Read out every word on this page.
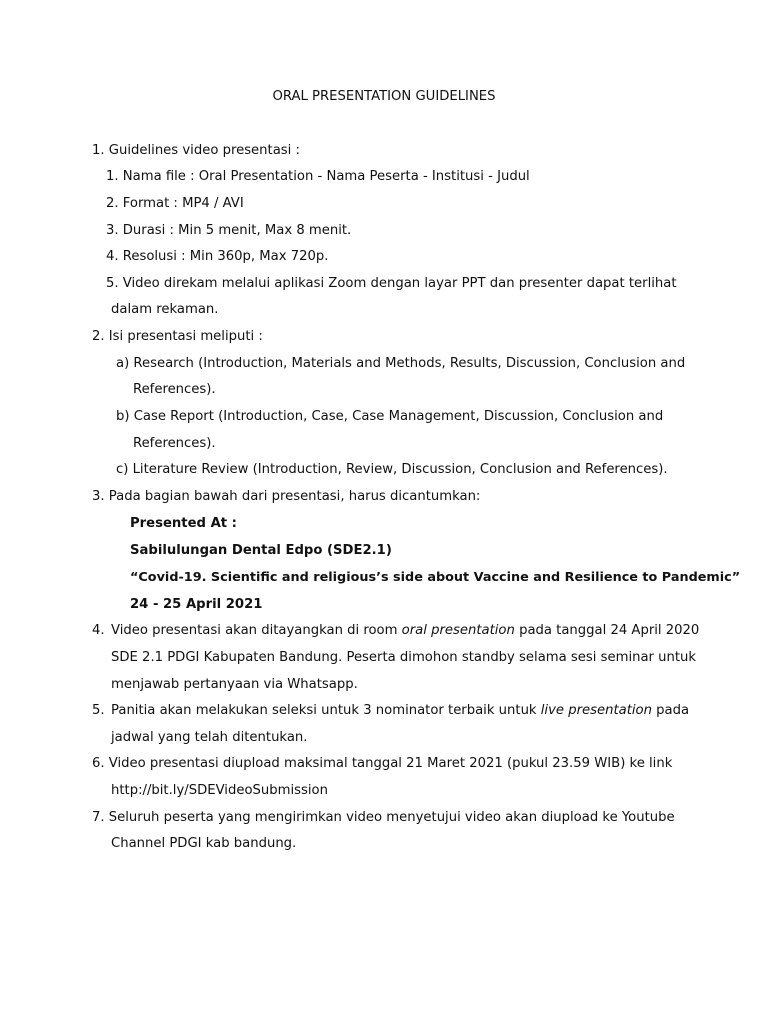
ORAL PRESENTATION GUIDELINES
1. Guidelines video presentasi :
1. Nama file : Oral Presentation - Nama Peserta - Institusi - Judul
2. Format : MP4 / AVI
3. Durasi : Min 5 menit, Max 8 menit.
4. Resolusi : Min 360p, Max 720p.
5. Video direkam melalui aplikasi Zoom dengan layar PPT dan presenter dapat terlihat
dalam rekaman.
2. Isi presentasi meliputi :
a) Research (Introduction, Materials and Methods, Results, Discussion, Conclusion and
References).
b) Case Report (Introduction, Case, Case Management, Discussion, Conclusion and
References).
c) Literature Review (Introduction, Review, Discussion, Conclusion and References).
3. Pada bagian bawah dari presentasi, harus dicantumkan:
Presented At :
Sabilulungan Dental Edpo (SDE2.1)
“Covid-19. Scientific and religious’s side about Vaccine and Resilience to Pandemic”
24 - 25 April 2021
4. Video presentasi akan ditayangkan di room oral presentation pada tanggal 24 April 2020
SDE 2.1 PDGI Kabupaten Bandung. Peserta dimohon standby selama sesi seminar untuk
menjawab pertanyaan via Whatsapp.
5. Panitia akan melakukan seleksi untuk 3 nominator terbaik untuk live presentation pada
jadwal yang telah ditentukan.
6. Video presentasi diupload maksimal tanggal 21 Maret 2021 (pukul 23.59 WIB) ke link
http://bit.ly/SDEVideoSubmission
7. Seluruh peserta yang mengirimkan video menyetujui video akan diupload ke Youtube
Channel PDGI kab bandung.
